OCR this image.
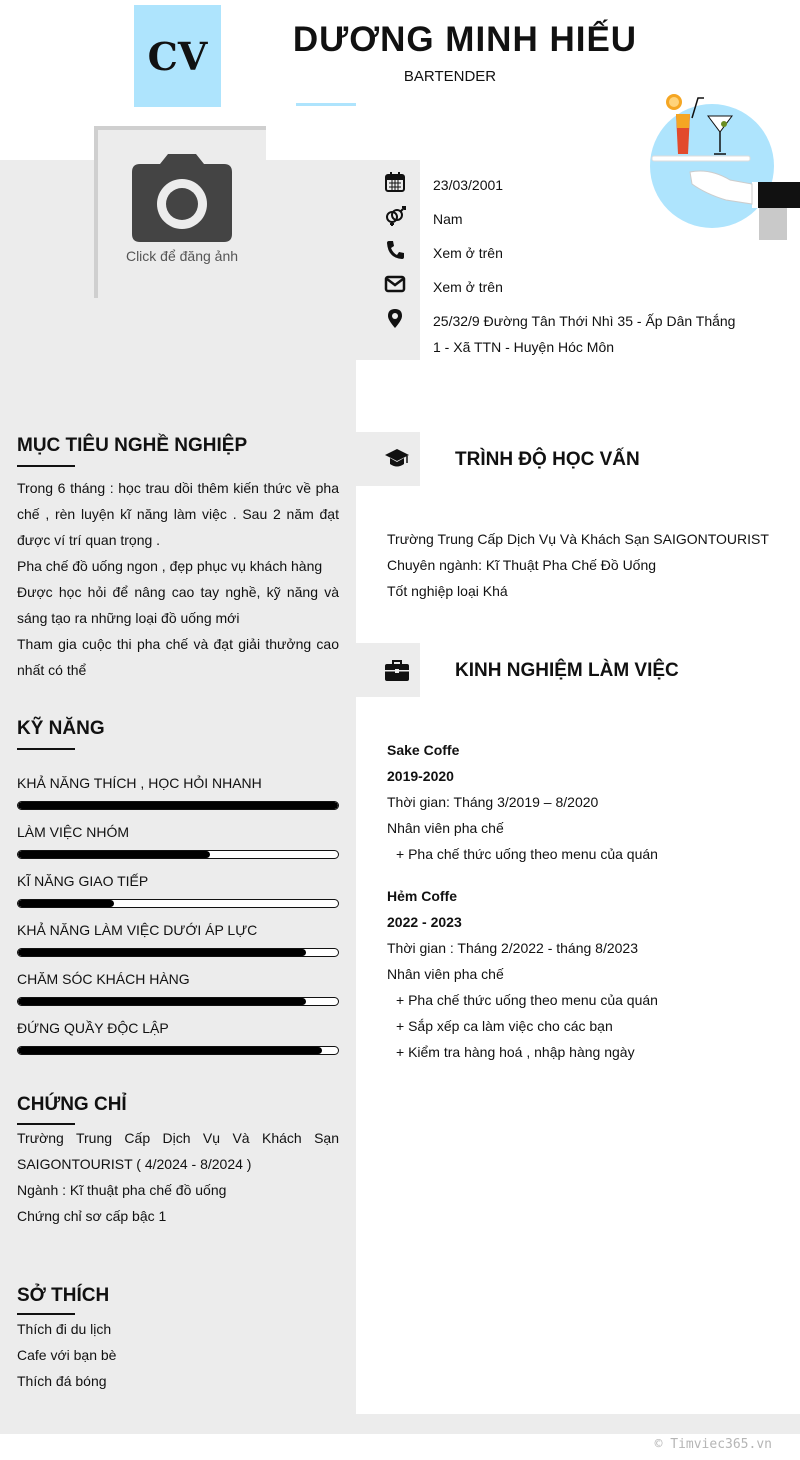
CV	DƯƠNG MINH HIẾU
BARTENDER
Click để đăng ảnh
23/03/2001
Nam
Xem ở trên
Xem ở trên
25/32/9 Đường Tân Thới Nhì 35 - Ấp Dân Thắng
1 - Xã TTN - Huyện Hóc Môn
MỤC TIÊU NGHỀ NGHIỆP
Trong 6 tháng : học trau dồi thêm kiến thức về pha chế , rèn luyện kĩ năng làm việc . Sau 2 năm đạt được ví trí quan trọng .
Pha chế đồ uống ngon , đẹp phục vụ khách hàng
Được học hỏi để nâng cao tay nghề, kỹ năng và sáng tạo ra những loại đồ uống mới
Tham gia cuộc thi pha chế và đạt giải thưởng cao nhất có thể
KỸ NĂNG
KHẢ NĂNG THÍCH , HỌC HỎI NHANH
LÀM VIỆC NHÓM
KĨ NĂNG GIAO TIẾP
KHẢ NĂNG LÀM VIỆC DƯỚI ÁP LỰC
CHĂM SÓC KHÁCH HÀNG
ĐỨNG QUẦY ĐỘC LẬP
CHỨNG CHỈ
Trường Trung Cấp Dịch Vụ Và Khách Sạn SAIGONTOURIST ( 4/2024 - 8/2024 )
Ngành : Kĩ thuật pha chế đồ uống
Chứng chỉ sơ cấp bậc 1
SỞ THÍCH
Thích đi du lịch
Cafe với bạn bè
Thích đá bóng
TRÌNH ĐỘ HỌC VẤN
Trường Trung Cấp Dịch Vụ Và Khách Sạn SAIGONTOURIST
Chuyên ngành: Kĩ Thuật Pha Chế Đồ Uống
Tốt nghiệp loại Khá
KINH NGHIỆM LÀM VIỆC
Sake Coffe
2019-2020
Thời gian: Tháng 3/2019 – 8/2020
Nhân viên pha chế
+ Pha chế thức uống theo menu của quán
Hẻm Coffe
2022 - 2023
Thời gian : Tháng 2/2022 - tháng 8/2023
Nhân viên pha chế
+ Pha chế thức uống theo menu của quán
+ Sắp xếp ca làm việc cho các bạn
+ Kiểm tra hàng hoá , nhập hàng ngày
© Timviec365.vn
